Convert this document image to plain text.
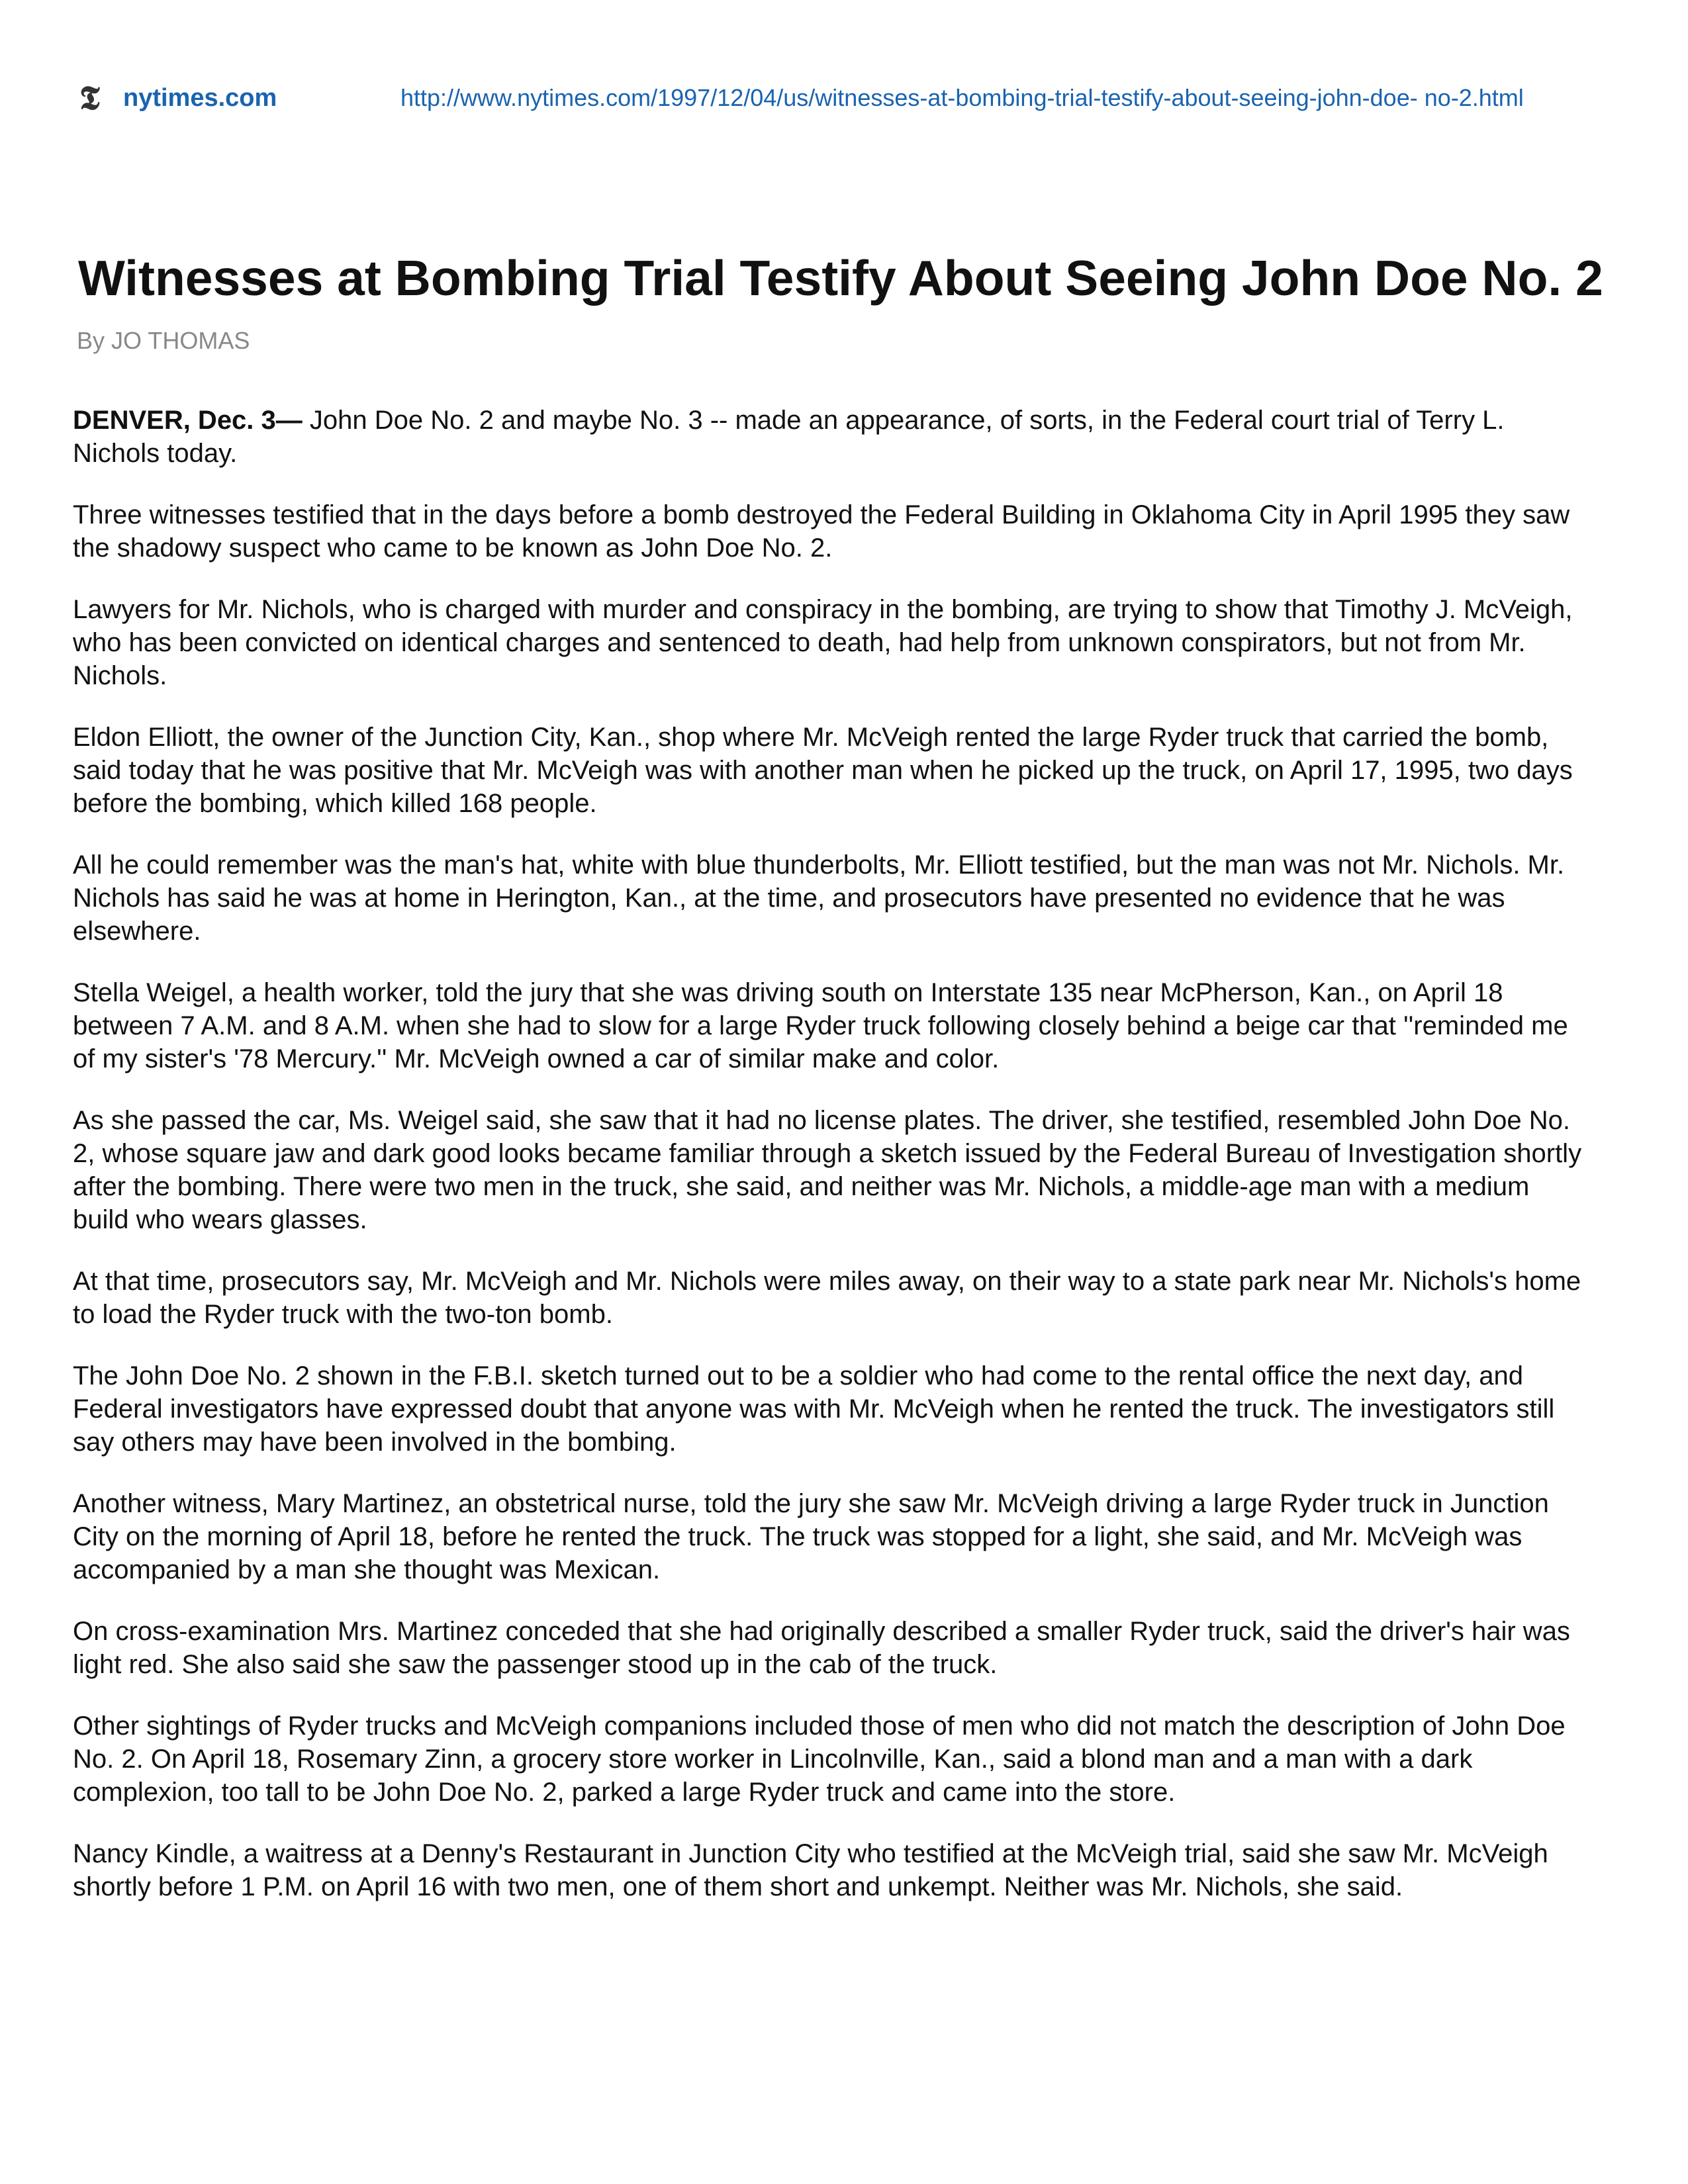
𝕿 nytimes.com	http://www.nytimes.com/1997/12/04/us/witnesses-at-bombing-trial-testify-about-seeing-john-doe- no-2.html
Witnesses at Bombing Trial Testify About Seeing John Doe No. 2
By JO THOMAS

DENVER, Dec. 3— John Doe No. 2 and maybe No. 3 -- made an appearance, of sorts, in the Federal court trial of Terry L. Nichols today.

Three witnesses testified that in the days before a bomb destroyed the Federal Building in Oklahoma City in April 1995 they saw the shadowy suspect who came to be known as John Doe No. 2.

Lawyers for Mr. Nichols, who is charged with murder and conspiracy in the bombing, are trying to show that Timothy J. McVeigh, who has been convicted on identical charges and sentenced to death, had help from unknown conspirators, but not from Mr. Nichols.

Eldon Elliott, the owner of the Junction City, Kan., shop where Mr. McVeigh rented the large Ryder truck that carried the bomb, said today that he was positive that Mr. McVeigh was with another man when he picked up the truck, on April 17, 1995, two days before the bombing, which killed 168 people.

All he could remember was the man's hat, white with blue thunderbolts, Mr. Elliott testified, but the man was not Mr. Nichols. Mr. Nichols has said he was at home in Herington, Kan., at the time, and prosecutors have presented no evidence that he was elsewhere.

Stella Weigel, a health worker, told the jury that she was driving south on Interstate 135 near McPherson, Kan., on April 18 between 7 A.M. and 8 A.M. when she had to slow for a large Ryder truck following closely behind a beige car that ''reminded me of my sister's '78 Mercury.'' Mr. McVeigh owned a car of similar make and color.

As she passed the car, Ms. Weigel said, she saw that it had no license plates. The driver, she testified, resembled John Doe No. 2, whose square jaw and dark good looks became familiar through a sketch issued by the Federal Bureau of Investigation shortly after the bombing. There were two men in the truck, she said, and neither was Mr. Nichols, a middle-age man with a medium build who wears glasses.

At that time, prosecutors say, Mr. McVeigh and Mr. Nichols were miles away, on their way to a state park near Mr. Nichols's home to load the Ryder truck with the two-ton bomb.

The John Doe No. 2 shown in the F.B.I. sketch turned out to be a soldier who had come to the rental office the next day, and Federal investigators have expressed doubt that anyone was with Mr. McVeigh when he rented the truck. The investigators still say others may have been involved in the bombing.

Another witness, Mary Martinez, an obstetrical nurse, told the jury she saw Mr. McVeigh driving a large Ryder truck in Junction City on the morning of April 18, before he rented the truck. The truck was stopped for a light, she said, and Mr. McVeigh was accompanied by a man she thought was Mexican.

On cross-examination Mrs. Martinez conceded that she had originally described a smaller Ryder truck, said the driver's hair was light red. She also said she saw the passenger stood up in the cab of the truck.

Other sightings of Ryder trucks and McVeigh companions included those of men who did not match the description of John Doe No. 2. On April 18, Rosemary Zinn, a grocery store worker in Lincolnville, Kan., said a blond man and a man with a dark complexion, too tall to be John Doe No. 2, parked a large Ryder truck and came into the store.

Nancy Kindle, a waitress at a Denny's Restaurant in Junction City who testified at the McVeigh trial, said she saw Mr. McVeigh shortly before 1 P.M. on April 16 with two men, one of them short and unkempt. Neither was Mr. Nichols, she said.
